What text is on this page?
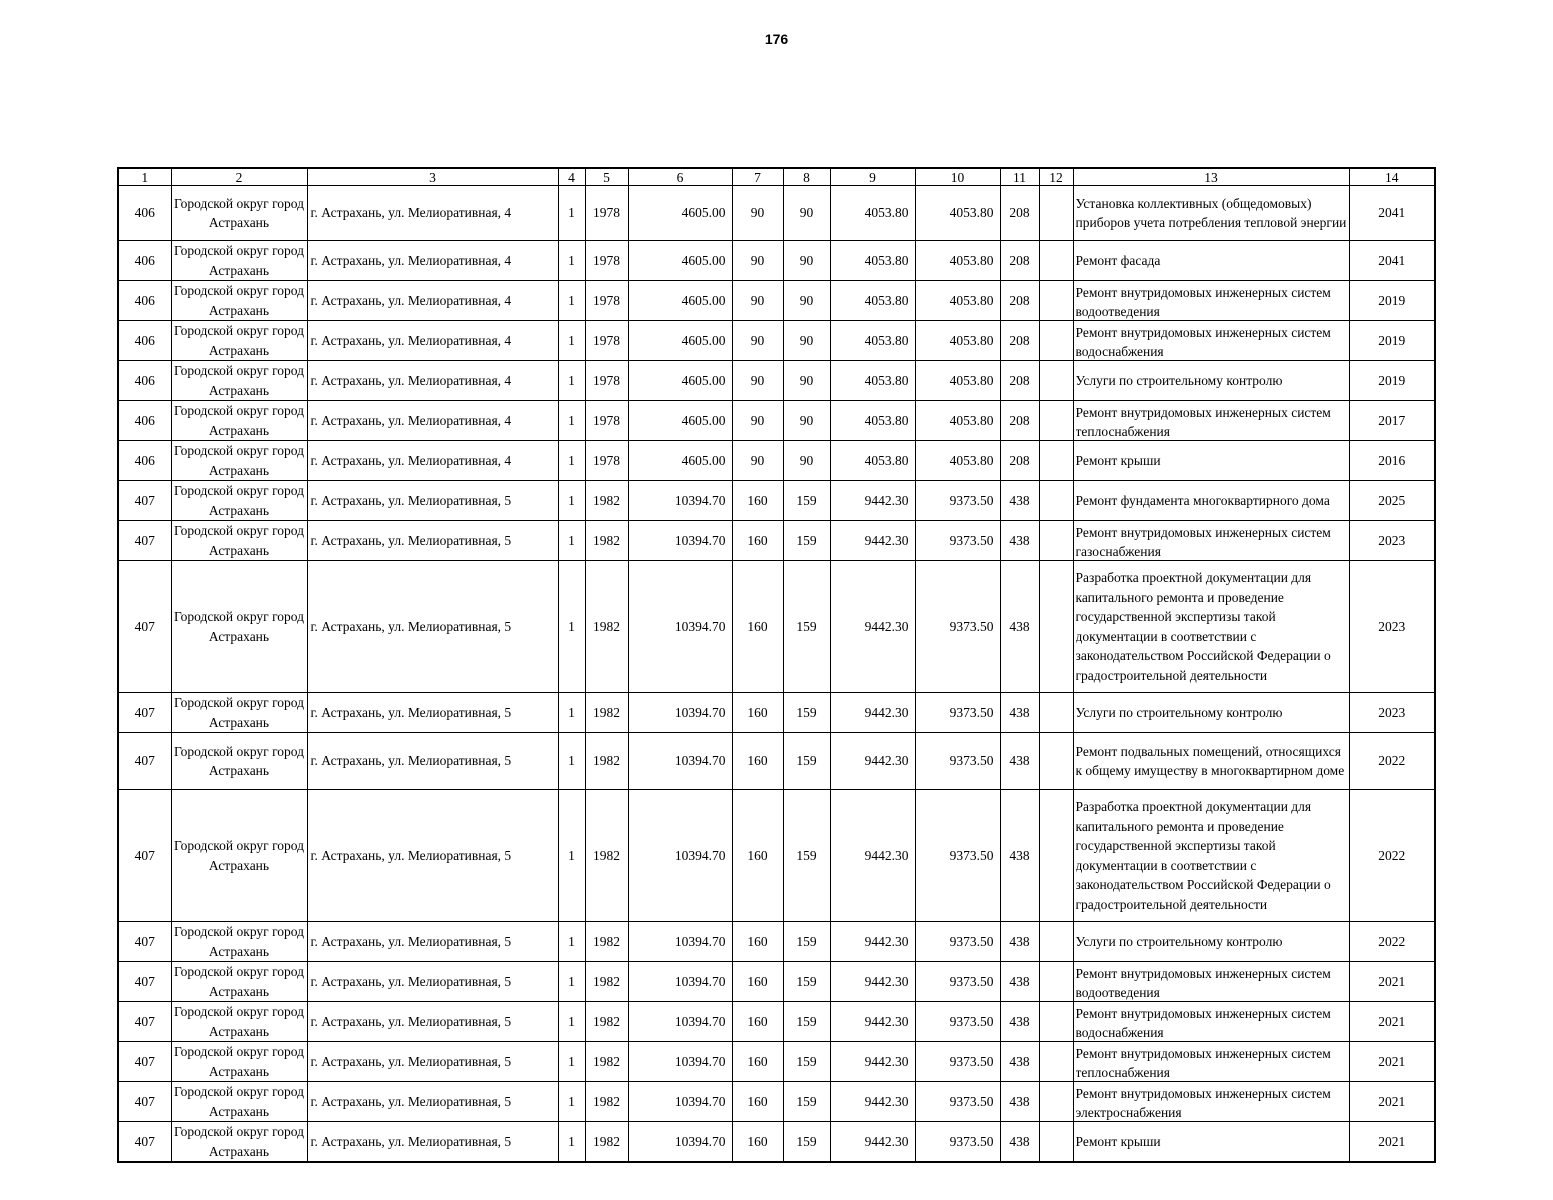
176
1	2	3	4	5	6	7	8	9	10	11	12	13	14
406	Городской округ город Астрахань	г. Астрахань, ул. Мелиоративная, 4	1	1978	4605.00	90	90	4053.80	4053.80	208		Установка коллективных (общедомовых) приборов учета потребления тепловой энергии	2041
406	Городской округ город Астрахань	г. Астрахань, ул. Мелиоративная, 4	1	1978	4605.00	90	90	4053.80	4053.80	208		Ремонт фасада	2041
406	Городской округ город Астрахань	г. Астрахань, ул. Мелиоративная, 4	1	1978	4605.00	90	90	4053.80	4053.80	208		Ремонт внутридомовых инженерных систем водоотведения	2019
406	Городской округ город Астрахань	г. Астрахань, ул. Мелиоративная, 4	1	1978	4605.00	90	90	4053.80	4053.80	208		Ремонт внутридомовых инженерных систем водоснабжения	2019
406	Городской округ город Астрахань	г. Астрахань, ул. Мелиоративная, 4	1	1978	4605.00	90	90	4053.80	4053.80	208		Услуги по строительному контролю	2019
406	Городской округ город Астрахань	г. Астрахань, ул. Мелиоративная, 4	1	1978	4605.00	90	90	4053.80	4053.80	208		Ремонт внутридомовых инженерных систем теплоснабжения	2017
406	Городской округ город Астрахань	г. Астрахань, ул. Мелиоративная, 4	1	1978	4605.00	90	90	4053.80	4053.80	208		Ремонт крыши	2016
407	Городской округ город Астрахань	г. Астрахань, ул. Мелиоративная, 5	1	1982	10394.70	160	159	9442.30	9373.50	438		Ремонт фундамента многоквартирного дома	2025
407	Городской округ город Астрахань	г. Астрахань, ул. Мелиоративная, 5	1	1982	10394.70	160	159	9442.30	9373.50	438		Ремонт внутридомовых инженерных систем газоснабжения	2023
407	Городской округ город Астрахань	г. Астрахань, ул. Мелиоративная, 5	1	1982	10394.70	160	159	9442.30	9373.50	438		Разработка проектной документации для капитального ремонта и проведение государственной экспертизы такой документации в соответствии с законодательством Российской Федерации о градостроительной деятельности	2023
407	Городской округ город Астрахань	г. Астрахань, ул. Мелиоративная, 5	1	1982	10394.70	160	159	9442.30	9373.50	438		Услуги по строительному контролю	2023
407	Городской округ город Астрахань	г. Астрахань, ул. Мелиоративная, 5	1	1982	10394.70	160	159	9442.30	9373.50	438		Ремонт подвальных помещений, относящихся к общему имуществу в многоквартирном доме	2022
407	Городской округ город Астрахань	г. Астрахань, ул. Мелиоративная, 5	1	1982	10394.70	160	159	9442.30	9373.50	438		Разработка проектной документации для капитального ремонта и проведение государственной экспертизы такой документации в соответствии с законодательством Российской Федерации о градостроительной деятельности	2022
407	Городской округ город Астрахань	г. Астрахань, ул. Мелиоративная, 5	1	1982	10394.70	160	159	9442.30	9373.50	438		Услуги по строительному контролю	2022
407	Городской округ город Астрахань	г. Астрахань, ул. Мелиоративная, 5	1	1982	10394.70	160	159	9442.30	9373.50	438		Ремонт внутридомовых инженерных систем водоотведения	2021
407	Городской округ город Астрахань	г. Астрахань, ул. Мелиоративная, 5	1	1982	10394.70	160	159	9442.30	9373.50	438		Ремонт внутридомовых инженерных систем водоснабжения	2021
407	Городской округ город Астрахань	г. Астрахань, ул. Мелиоративная, 5	1	1982	10394.70	160	159	9442.30	9373.50	438		Ремонт внутридомовых инженерных систем теплоснабжения	2021
407	Городской округ город Астрахань	г. Астрахань, ул. Мелиоративная, 5	1	1982	10394.70	160	159	9442.30	9373.50	438		Ремонт внутридомовых инженерных систем электроснабжения	2021
407	Городской округ город Астрахань	г. Астрахань, ул. Мелиоративная, 5	1	1982	10394.70	160	159	9442.30	9373.50	438		Ремонт крыши	2021
